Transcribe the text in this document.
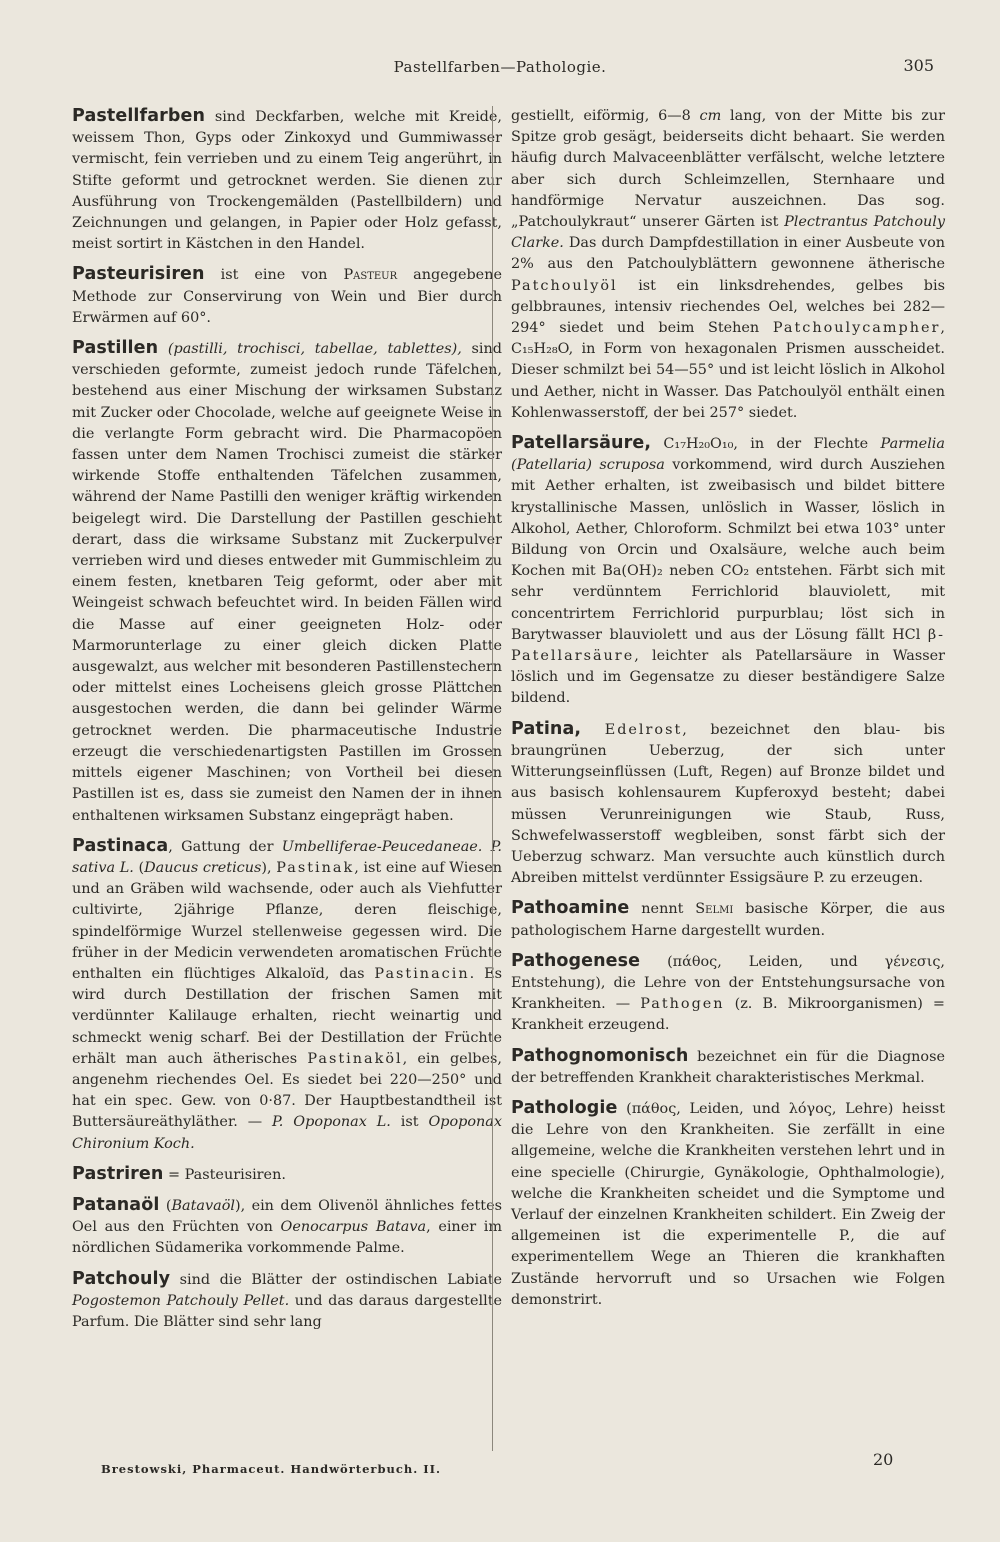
Pastellfarben—Pathologie.	305

Pastellfarben sind Deckfarben, welche mit Kreide, weissem Thon, Gyps oder Zinkoxyd und Gummiwasser vermischt, fein verrieben und zu einem Teig angerührt, in Stifte geformt und getrocknet werden. Sie dienen zur Ausführung von Trockengemälden (Pastellbildern) und Zeichnungen und gelangen, in Papier oder Holz gefasst, meist sortirt in Kästchen in den Handel.

Pasteurisiren ist eine von Pasteur angegebene Methode zur Conservirung von Wein und Bier durch Erwärmen auf 60°.

Pastillen (pastilli, trochisci, tabellae, tablettes), sind verschieden geformte, zumeist jedoch runde Täfelchen, bestehend aus einer Mischung der wirksamen Substanz mit Zucker oder Chocolade, welche auf geeignete Weise in die verlangte Form gebracht wird. Die Pharmacopöen fassen unter dem Namen Trochisci zumeist die stärker wirkende Stoffe enthaltenden Täfelchen zusammen, während der Name Pastilli den weniger kräftig wirkenden beigelegt wird. Die Darstellung der Pastillen geschieht derart, dass die wirksame Substanz mit Zuckerpulver verrieben wird und dieses entweder mit Gummischleim zu einem festen, knetbaren Teig geformt, oder aber mit Weingeist schwach befeuchtet wird. In beiden Fällen wird die Masse auf einer geeigneten Holz- oder Marmorunterlage zu einer gleich dicken Platte ausgewalzt, aus welcher mit besonderen Pastillenstechern oder mittelst eines Locheisens gleich grosse Plättchen ausgestochen werden, die dann bei gelinder Wärme getrocknet werden. Die pharmaceutische Industrie erzeugt die verschiedenartigsten Pastillen im Grossen mittels eigener Maschinen; von Vortheil bei diesen Pastillen ist es, dass sie zumeist den Namen der in ihnen enthaltenen wirksamen Substanz eingeprägt haben.

Pastinaca, Gattung der Umbelliferae-Peucedaneae. P. sativa L. (Daucus creticus), Pastinak, ist eine auf Wiesen und an Gräben wild wachsende, oder auch als Viehfutter cultivirte, 2jährige Pflanze, deren fleischige, spindelförmige Wurzel stellenweise gegessen wird. Die früher in der Medicin verwendeten aromatischen Früchte enthalten ein flüchtiges Alkaloïd, das Pastinacin. Es wird durch Destillation der frischen Samen mit verdünnter Kalilauge erhalten, riecht weinartig und schmeckt wenig scharf. Bei der Destillation der Früchte erhält man auch ätherisches Pastinaköl, ein gelbes, angenehm riechendes Oel. Es siedet bei 220—250° und hat ein spec. Gew. von 0·87. Der Hauptbestandtheil ist Buttersäureäthyläther. — P. Opoponax L. ist Opoponax Chironium Koch.

Pastriren = Pasteurisiren.

Patanaöl (Batavaöl), ein dem Olivenöl ähnliches fettes Oel aus den Früchten von Oenocarpus Batava, einer im nördlichen Südamerika vorkommende Palme.

Patchouly sind die Blätter der ostindischen Labiate Pogostemon Patchouly Pellet. und das daraus dargestellte Parfum. Die Blätter sind sehr lang

gestiellt, eiförmig, 6—8 cm lang, von der Mitte bis zur Spitze grob gesägt, beiderseits dicht behaart. Sie werden häufig durch Malvaceenblätter verfälscht, welche letztere aber sich durch Schleimzellen, Sternhaare und handförmige Nervatur auszeichnen. Das sog. „Patchoulykraut“ unserer Gärten ist Plectrantus Patchouly Clarke. Das durch Dampfdestillation in einer Ausbeute von 2% aus den Patchoulyblättern gewonnene ätherische Patchoulyöl ist ein linksdrehendes, gelbes bis gelbbraunes, intensiv riechendes Oel, welches bei 282—294° siedet und beim Stehen Patchoulycampher, C₁₅H₂₈O, in Form von hexagonalen Prismen ausscheidet. Dieser schmilzt bei 54—55° und ist leicht löslich in Alkohol und Aether, nicht in Wasser. Das Patchoulyöl enthält einen Kohlenwasserstoff, der bei 257° siedet.

Patellarsäure, C₁₇H₂₀O₁₀, in der Flechte Parmelia (Patellaria) scruposa vorkommend, wird durch Ausziehen mit Aether erhalten, ist zweibasisch und bildet bittere krystallinische Massen, unlöslich in Wasser, löslich in Alkohol, Aether, Chloroform. Schmilzt bei etwa 103° unter Bildung von Orcin und Oxalsäure, welche auch beim Kochen mit Ba(OH)₂ neben CO₂ entstehen. Färbt sich mit sehr verdünntem Ferrichlorid blauviolett, mit concentrirtem Ferrichlorid purpurblau; löst sich in Barytwasser blauviolett und aus der Lösung fällt HCl β-Patellarsäure, leichter als Patellarsäure in Wasser löslich und im Gegensatze zu dieser beständigere Salze bildend.

Patina, Edelrost, bezeichnet den blau- bis braungrünen Ueberzug, der sich unter Witterungseinflüssen (Luft, Regen) auf Bronze bildet und aus basisch kohlensaurem Kupferoxyd besteht; dabei müssen Verunreinigungen wie Staub, Russ, Schwefelwasserstoff wegbleiben, sonst färbt sich der Ueberzug schwarz. Man versuchte auch künstlich durch Abreiben mittelst verdünnter Essigsäure P. zu erzeugen.

Pathoamine nennt Selmi basische Körper, die aus pathologischem Harne dargestellt wurden.

Pathogenese (πάθος, Leiden, und γένεσις, Entstehung), die Lehre von der Entstehungsursache von Krankheiten. — Pathogen (z. B. Mikroorganismen) = Krankheit erzeugend.

Pathognomonisch bezeichnet ein für die Diagnose der betreffenden Krankheit charakteristisches Merkmal.

Pathologie (πάθος, Leiden, und λόγος, Lehre) heisst die Lehre von den Krankheiten. Sie zerfällt in eine allgemeine, welche die Krankheiten verstehen lehrt und in eine specielle (Chirurgie, Gynäkologie, Ophthalmologie), welche die Krankheiten scheidet und die Symptome und Verlauf der einzelnen Krankheiten schildert. Ein Zweig der allgemeinen ist die experimentelle P., die auf experimentellem Wege an Thieren die krankhaften Zustände hervorruft und so Ursachen wie Folgen demonstrirt.

Brestowski, Pharmaceut. Handwörterbuch. II.	20
